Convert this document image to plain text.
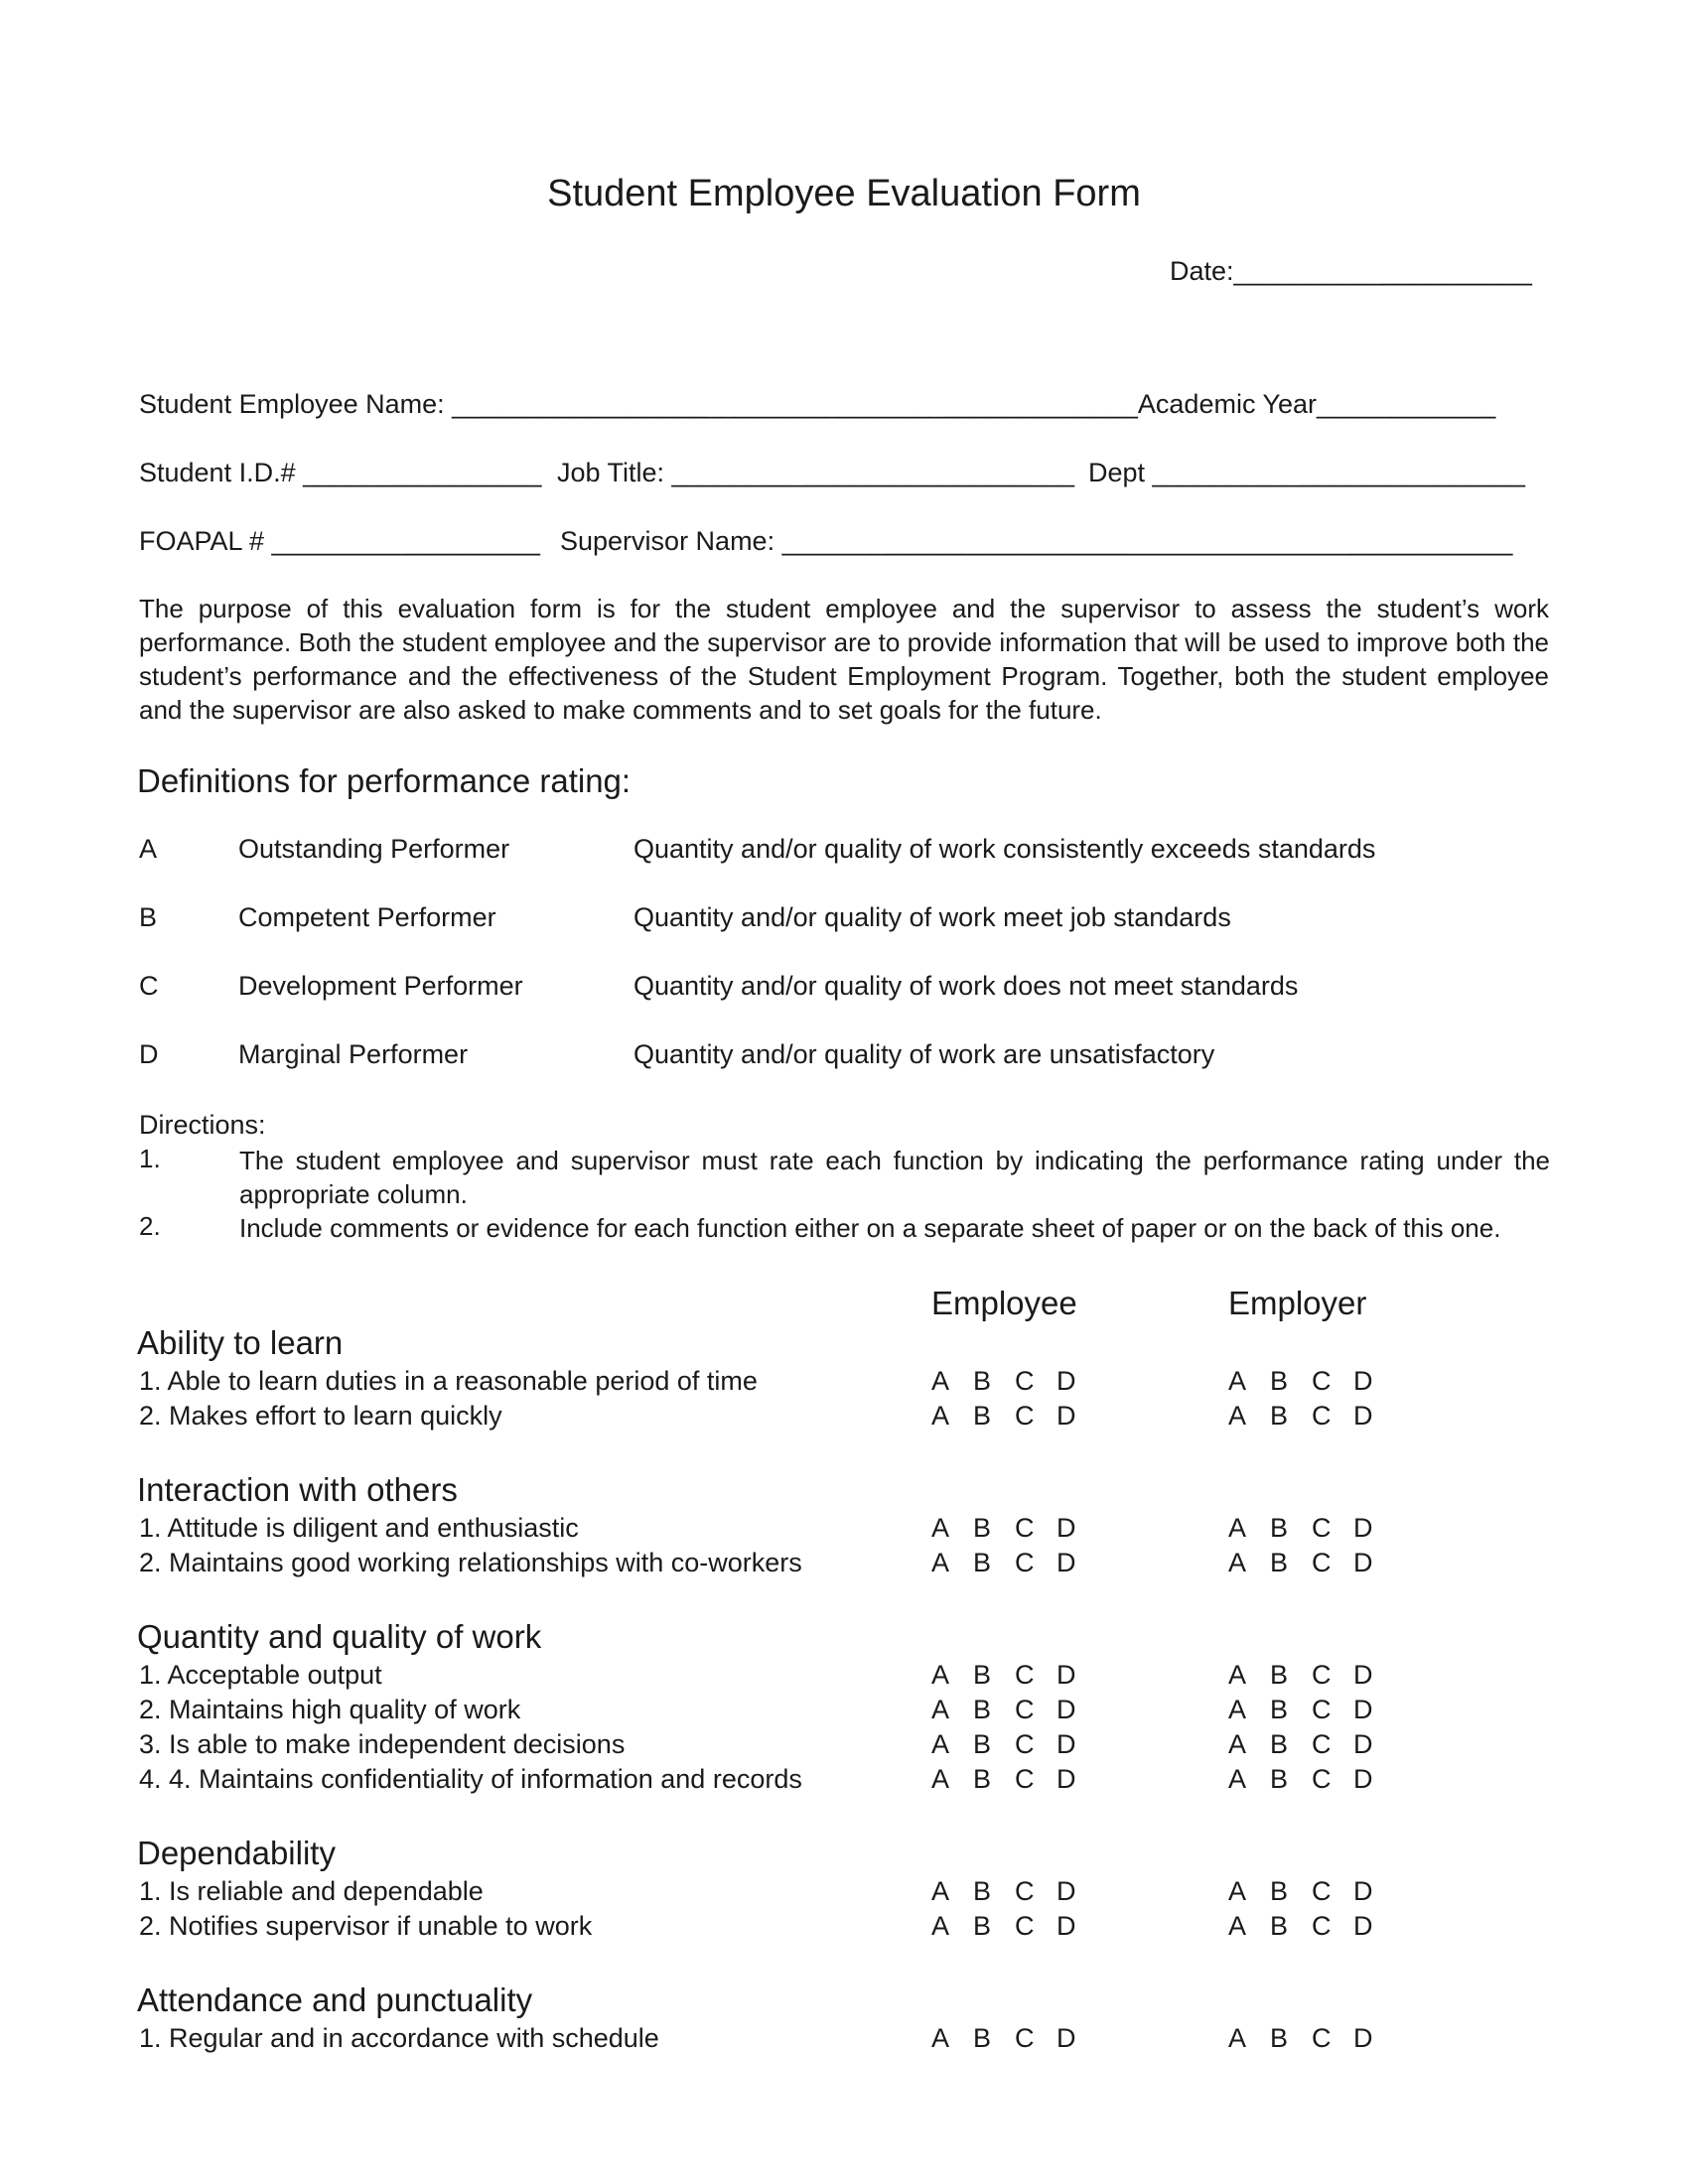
Student Employee Evaluation Form
Date:____________________
Student Employee Name: ______________________________________________Academic Year____________
Student I.D.# ________________ Job Title: ___________________________ Dept _________________________
FOAPAL # __________________ Supervisor Name: _________________________________________________
The purpose of this evaluation form is for the student employee and the supervisor to assess the student’s work performance. Both the student employee and the supervisor are to provide information that will be used to improve both the student’s performance and the effectiveness of the Student Employment Program. Together, both the student employee and the supervisor are also asked to make comments and to set goals for the future.
Definitions for performance rating:
A	Outstanding Performer	Quantity and/or quality of work consistently exceeds standards
B	Competent Performer	Quantity and/or quality of work meet job standards
C	Development Performer	Quantity and/or quality of work does not meet standards
D	Marginal Performer	Quantity and/or quality of work are unsatisfactory
Directions:
1.	The student employee and supervisor must rate each function by indicating the performance rating under the appropriate column.
2.	Include comments or evidence for each function either on a separate sheet of paper or on the back of this one.
Employee	Employer
Ability to learn
1. Able to learn duties in a reasonable period of time	A B C D	A B C D
2. Makes effort to learn quickly	A B C D	A B C D
Interaction with others
1. Attitude is diligent and enthusiastic	A B C D	A B C D
2. Maintains good working relationships with co-workers	A B C D	A B C D
Quantity and quality of work
1. Acceptable output	A B C D	A B C D
2. Maintains high quality of work	A B C D	A B C D
3. Is able to make independent decisions	A B C D	A B C D
4. 4. Maintains confidentiality of information and records	A B C D	A B C D
Dependability
1. Is reliable and dependable	A B C D	A B C D
2. Notifies supervisor if unable to work	A B C D	A B C D
Attendance and punctuality
1. Regular and in accordance with schedule	A B C D	A B C D
